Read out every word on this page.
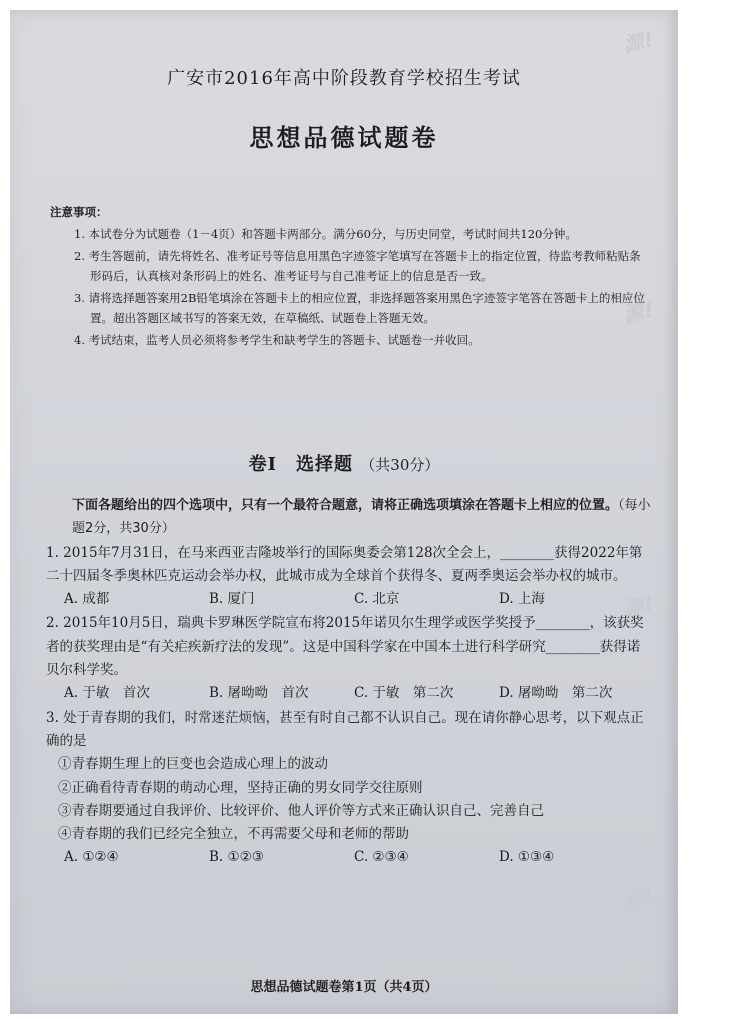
源!
源!
源!
源!
广安市2016年高中阶段教育学校招生考试
思想品德试题卷
注意事项：
1. 本试卷分为试题卷（1－4页）和答题卡两部分。满分60分，与历史同堂，考试时间共120分钟。
2. 考生答题前，请先将姓名、准考证号等信息用黑色字迹签字笔填写在答题卡上的指定位置，待监考教师粘贴条形码后，认真核对条形码上的姓名、准考证号与自己准考证上的信息是否一致。
3. 请将选择题答案用2B铅笔填涂在答题卡上的相应位置，非选择题答案用黑色字迹签字笔答在答题卡上的相应位置。超出答题区域书写的答案无效，在草稿纸、试题卷上答题无效。
4. 考试结束，监考人员必须将参考学生和缺考学生的答题卡、试题卷一并收回。
卷Ⅰ　选择题 （共30分）
下面各题给出的四个选项中，只有一个最符合题意，请将正确选项填涂在答题卡上相应的位置。（每小题2分，共30分）
1. 2015年7月31日，在马来西亚吉隆坡举行的国际奥委会第128次全会上，________获得2022年第二十四届冬季奥林匹克运动会举办权，此城市成为全球首个获得冬、夏两季奥运会举办权的城市。
A. 成都	B. 厦门	C. 北京	D. 上海
2. 2015年10月5日，瑞典卡罗琳医学院宣布将2015年诺贝尔生理学或医学奖授予________，该获奖者的获奖理由是“有关疟疾新疗法的发现”。这是中国科学家在中国本土进行科学研究________获得诺贝尔科学奖。
A. 于敏　首次	B. 屠呦呦　首次	C. 于敏　第二次	D. 屠呦呦　第二次
3. 处于青春期的我们，时常迷茫烦恼，甚至有时自己都不认识自己。现在请你静心思考，以下观点正确的是
①青春期生理上的巨变也会造成心理上的波动
②正确看待青春期的萌动心理，坚持正确的男女同学交往原则
③青春期要通过自我评价、比较评价、他人评价等方式来正确认识自己、完善自己
④青春期的我们已经完全独立，不再需要父母和老师的帮助
A. ①②④	B. ①②③	C. ②③④	D. ①③④
思想品德试题卷第1页（共4页）
